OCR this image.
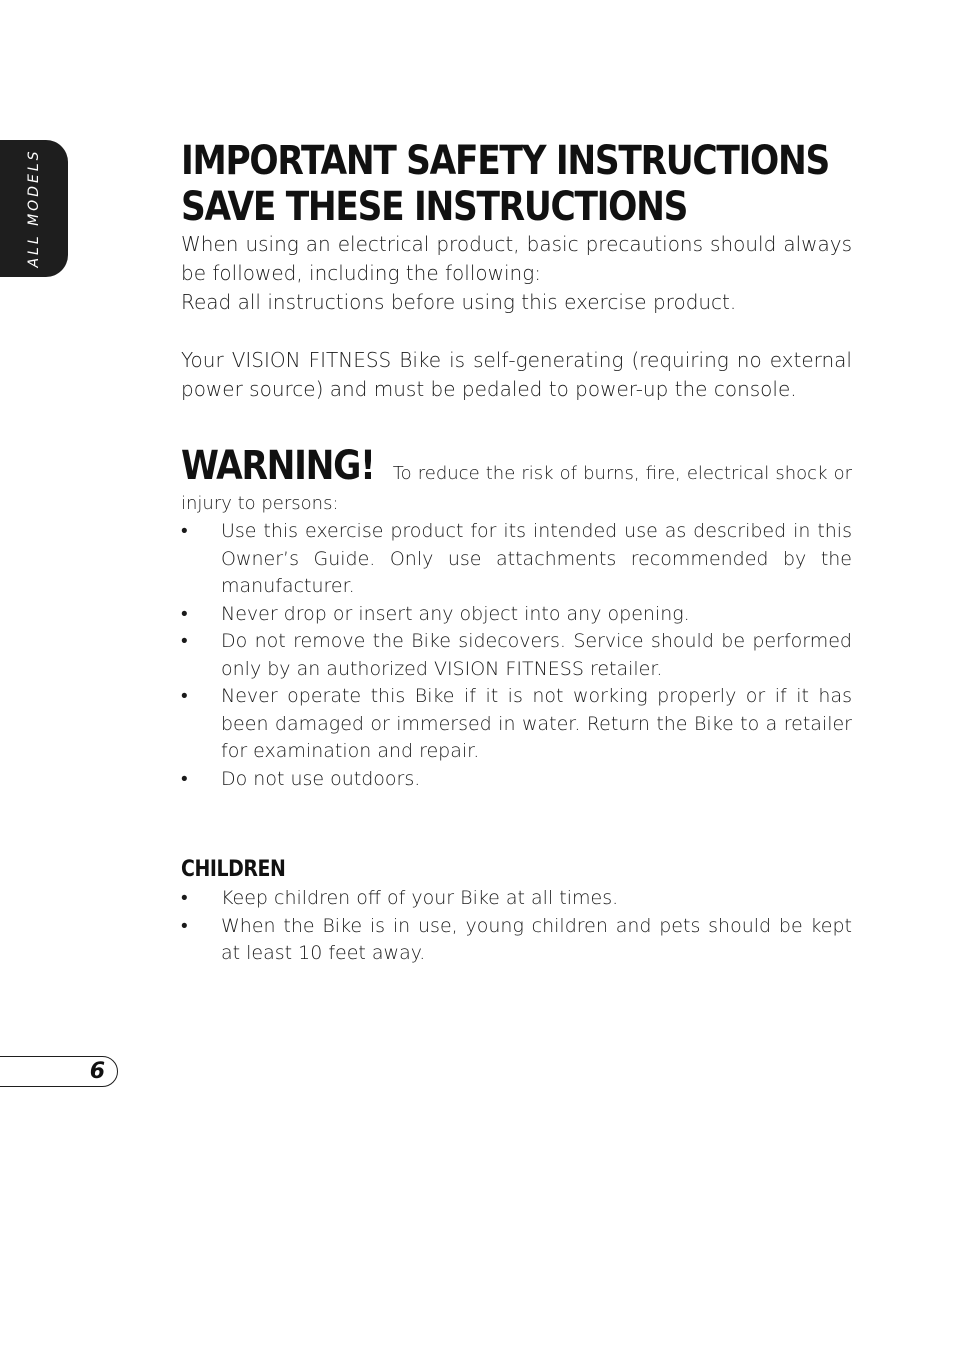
ALL MODELS	IMPORTANT SAFETY INSTRUCTIONS
SAVE THESE INSTRUCTIONS

When using an electrical product, basic precautions should always be followed, including the following:

Read all instructions before using this exercise product.

Your VISION FITNESS Bike is self-generating (requiring no external power source) and must be pedaled to power-up the console.

WARNING! To reduce the risk of burns, fire, electrical shock or injury to persons:

•	Use this exercise product for its intended use as described in this Owner’s Guide. Only use attachments recommended by the manufacturer.
•	Never drop or insert any object into any opening.
•	Do not remove the Bike sidecovers. Service should be performed only by an authorized VISION FITNESS retailer.
•	Never operate this Bike if it is not working properly or if it has been damaged or immersed in water. Return the Bike to a retailer for examination and repair.
•	Do not use outdoors.
CHILDREN
•	Keep children off of your Bike at all times.
•	When the Bike is in use, young children and pets should be kept at least 10 feet away.
6
